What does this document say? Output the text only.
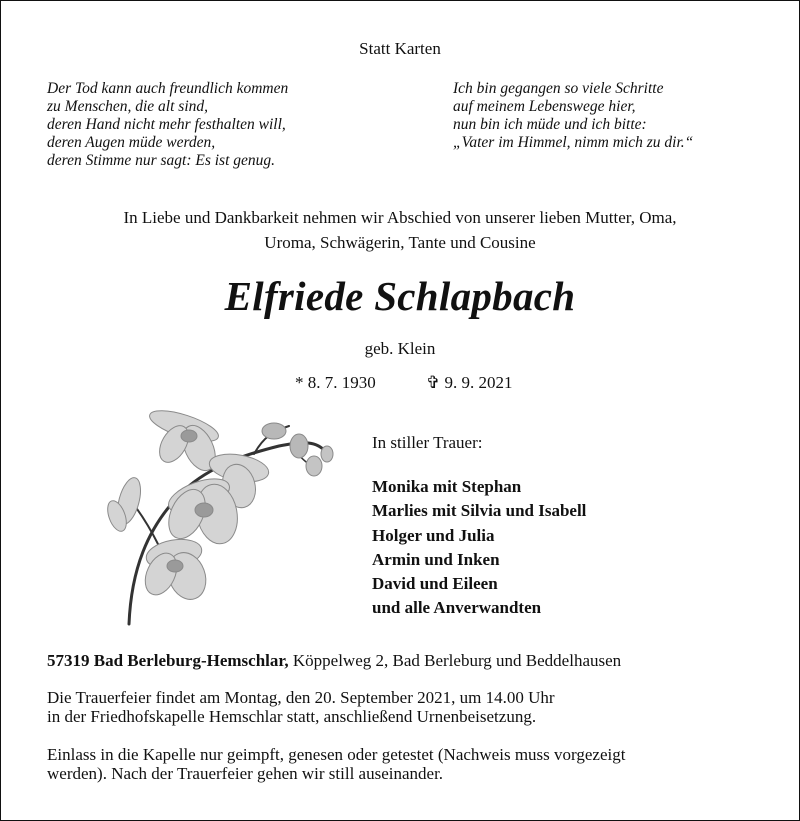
Statt Karten
Der Tod kann auch freundlich kommen
zu Menschen, die alt sind,
deren Hand nicht mehr festhalten will,
deren Augen müde werden,
deren Stimme nur sagt: Es ist genug.
Ich bin gegangen so viele Schritte
auf meinem Lebenswege hier,
nun bin ich müde und ich bitte:
„Vater im Himmel, nimm mich zu dir.“
In Liebe und Dankbarkeit nehmen wir Abschied von unserer lieben Mutter, Oma,
Uroma, Schwägerin, Tante und Cousine
Elfriede Schlapbach
geb. Klein
* 8. 7. 1930	✞ 9. 9. 2021
In stiller Trauer:
Monika mit Stephan
Marlies mit Silvia und Isabell
Holger und Julia
Armin und Inken
David und Eileen
und alle Anverwandten
57319 Bad Berleburg-Hemschlar, Köppelweg 2, Bad Berleburg und Beddelhausen
Die Trauerfeier findet am Montag, den 20. September 2021, um 14.00 Uhr
in der Friedhofskapelle Hemschlar statt, anschließend Urnenbeisetzung.
Einlass in die Kapelle nur geimpft, genesen oder getestet (Nachweis muss vorgezeigt
werden). Nach der Trauerfeier gehen wir still auseinander.
